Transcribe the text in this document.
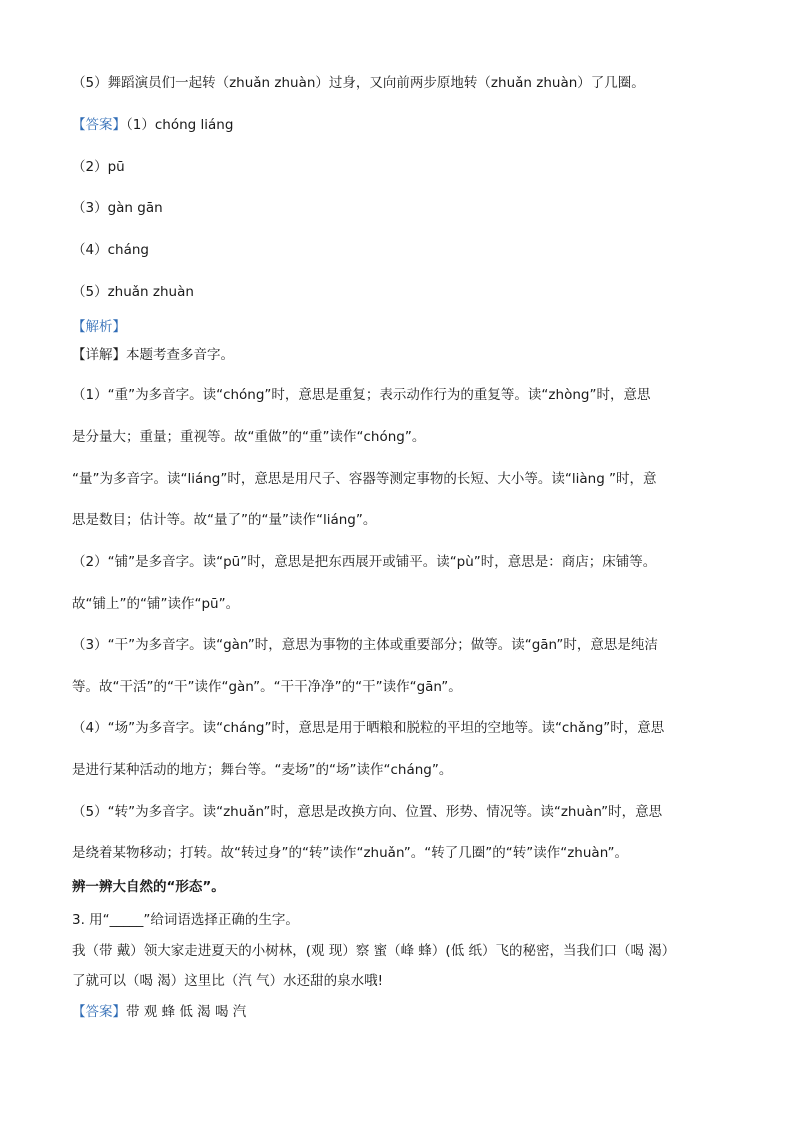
（5）舞蹈演员们一起转（zhuǎn zhuàn）过身，又向前两步原地转（zhuǎn zhuàn）了几圈。
【答案】（1）chóng liáng
（2）pū
（3）gàn gān
（4）cháng
（5）zhuǎn zhuàn
【解析】
【详解】本题考查多音字。
（1）“重”为多音字。读“chóng”时，意思是重复；表示动作行为的重复等。读“zhòng”时，意思
是分量大；重量；重视等。故“重做”的“重”读作“chóng”。
“量”为多音字。读“liáng”时，意思是用尺子、容器等测定事物的长短、大小等。读“liàng ”时，意
思是数目；估计等。故“量了”的“量”读作“liáng”。
（2）“铺”是多音字。读“pū”时，意思是把东西展开或铺平。读“pù”时，意思是：商店；床铺等。
故“铺上”的“铺”读作“pū”。
（3）“干”为多音字。读“gàn”时，意思为事物的主体或重要部分；做等。读“gān”时，意思是纯洁
等。故“干活”的“干”读作“gàn”。“干干净净”的“干”读作“gān”。
（4）“场”为多音字。读“cháng”时，意思是用于晒粮和脱粒的平坦的空地等。读“chǎng”时，意思
是进行某种活动的地方；舞台等。“麦场”的“场”读作“cháng”。
（5）“转”为多音字。读“zhuǎn”时，意思是改换方向、位置、形势、情况等。读“zhuàn”时，意思
是绕着某物移动；打转。故“转过身”的“转”读作“zhuǎn”。“转了几圈”的“转”读作“zhuàn”。
辨一辨大自然的“形态”。
3. 用“_____”给词语选择正确的生字。
我（带 戴）领大家走进夏天的小树林，(观 现）察 蜜（峰 蜂）(低 纸）飞的秘密，当我们口（喝 渴）
了就可以（喝 渴）这里比（汽 气）水还甜的泉水哦!
【答案】带 观 蜂 低 渴 喝 汽
